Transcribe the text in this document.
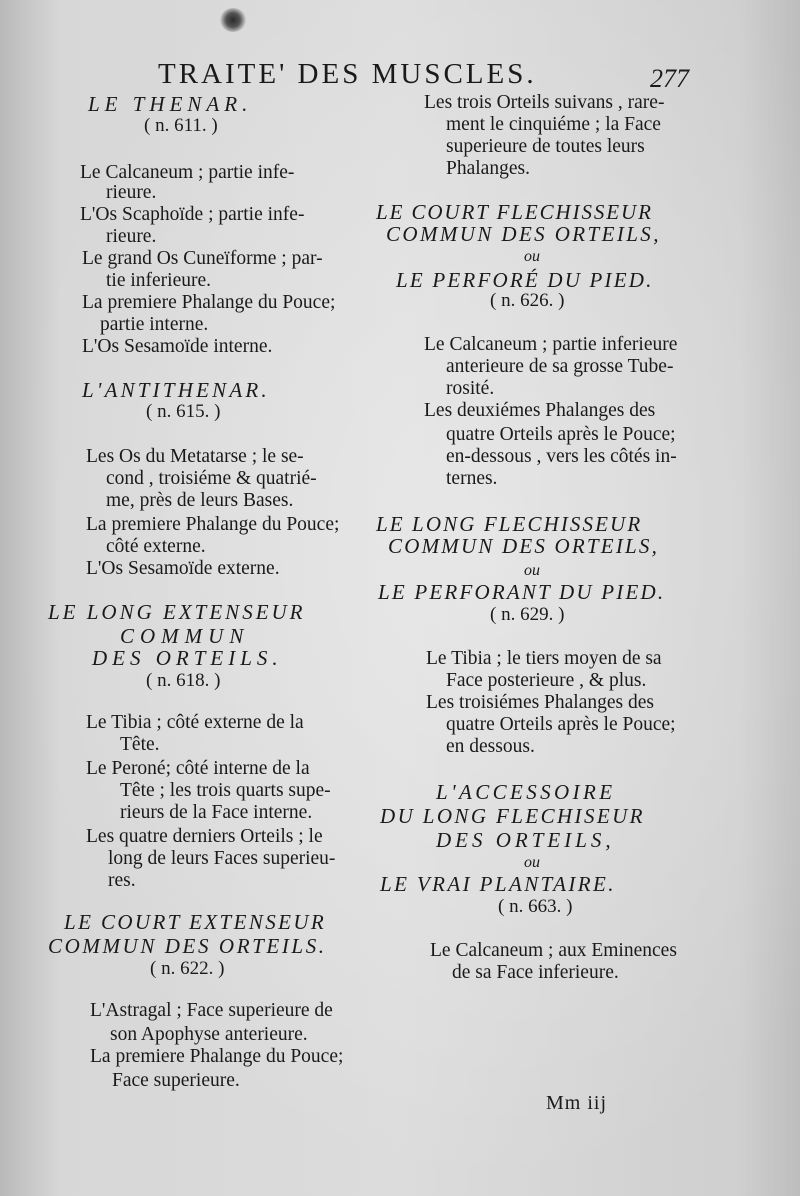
TRAITE' DES MUSCLES.	277
LE THENAR.
( n. 611. )
Le Calcaneum ; partie infe-
rieure.
L'Os Scaphoïde ; partie infe-
rieure.
Le grand Os Cuneïforme ; par-
tie inferieure.
La premiere Phalange du Pouce;
partie interne.
L'Os Sesamoïde interne.
L'ANTITHENAR.
( n. 615. )
Les Os du Metatarse ; le se-
cond , troisiéme & quatrié-
me, près de leurs Bases.
La premiere Phalange du Pouce;
côté externe.
L'Os Sesamoïde externe.
LE LONG EXTENSEUR
COMMUN
DES ORTEILS.
( n. 618. )
Le Tibia ; côté externe de la
Tête.
Le Peroné; côté interne de la
Tête ; les trois quarts supe-
rieurs de la Face interne.
Les quatre derniers Orteils ; le
long de leurs Faces superieu-
res.
LE COURT EXTENSEUR
COMMUN DES ORTEILS.
( n. 622. )
L'Astragal ; Face superieure de
son Apophyse anterieure.
La premiere Phalange du Pouce;
Face superieure.
Les trois Orteils suivans , rare-
ment le cinquiéme ; la Face
superieure de toutes leurs
Phalanges.
LE COURT FLECHISSEUR
COMMUN DES ORTEILS,
ou
LE PERFORÉ DU PIED.
( n. 626. )
Le Calcaneum ; partie inferieure
anterieure de sa grosse Tube-
rosité.
Les deuxiémes Phalanges des
quatre Orteils après le Pouce;
en-dessous , vers les côtés in-
ternes.
LE LONG FLECHISSEUR
COMMUN DES ORTEILS,
ou
LE PERFORANT DU PIED.
( n. 629. )
Le Tibia ; le tiers moyen de sa
Face posterieure , & plus.
Les troisiémes Phalanges des
quatre Orteils après le Pouce;
en dessous.
L'ACCESSOIRE
DU LONG FLECHISEUR
DES ORTEILS,
ou
LE VRAI PLANTAIRE.
( n. 663. )
Le Calcaneum ; aux Eminences
de sa Face inferieure.
Mm iij
